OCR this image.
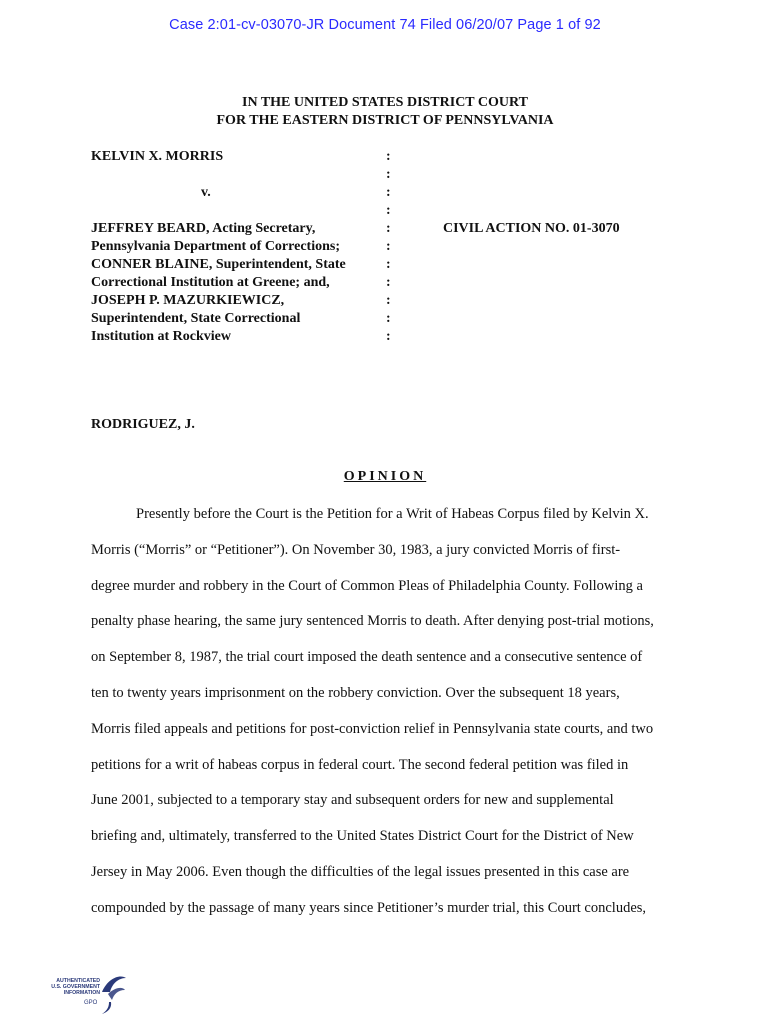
Case 2:01-cv-03070-JR Document 74 Filed 06/20/07 Page 1 of 92
IN THE UNITED STATES DISTRICT COURT
FOR THE EASTERN DISTRICT OF PENNSYLVANIA
KELVIN X. MORRIS
v.
JEFFREY BEARD, Acting Secretary,
Pennsylvania Department of Corrections;
CONNER BLAINE, Superintendent, State
Correctional Institution at Greene; and,
JOSEPH P. MAZURKIEWICZ,
Superintendent, State Correctional
Institution at Rockview
:
:
:
:
:
:
:
:
:
:
:
CIVIL ACTION NO. 01-3070
RODRIGUEZ, J.
OPINION
Presently before the Court is the Petition for a Writ of Habeas Corpus filed by Kelvin X.
Morris (“Morris” or “Petitioner”). On November 30, 1983, a jury convicted Morris of first-
degree murder and robbery in the Court of Common Pleas of Philadelphia County. Following a
penalty phase hearing, the same jury sentenced Morris to death. After denying post-trial motions,
on September 8, 1987, the trial court imposed the death sentence and a consecutive sentence of
ten to twenty years imprisonment on the robbery conviction. Over the subsequent 18 years,
Morris filed appeals and petitions for post-conviction relief in Pennsylvania state courts, and two
petitions for a writ of habeas corpus in federal court. The second federal petition was filed in
June 2001, subjected to a temporary stay and subsequent orders for new and supplemental
briefing and, ultimately, transferred to the United States District Court for the District of New
Jersey in May 2006. Even though the difficulties of the legal issues presented in this case are
compounded by the passage of many years since Petitioner’s murder trial, this Court concludes,
AUTHENTICATED
U.S. GOVERNMENT
INFORMATION
GPO
